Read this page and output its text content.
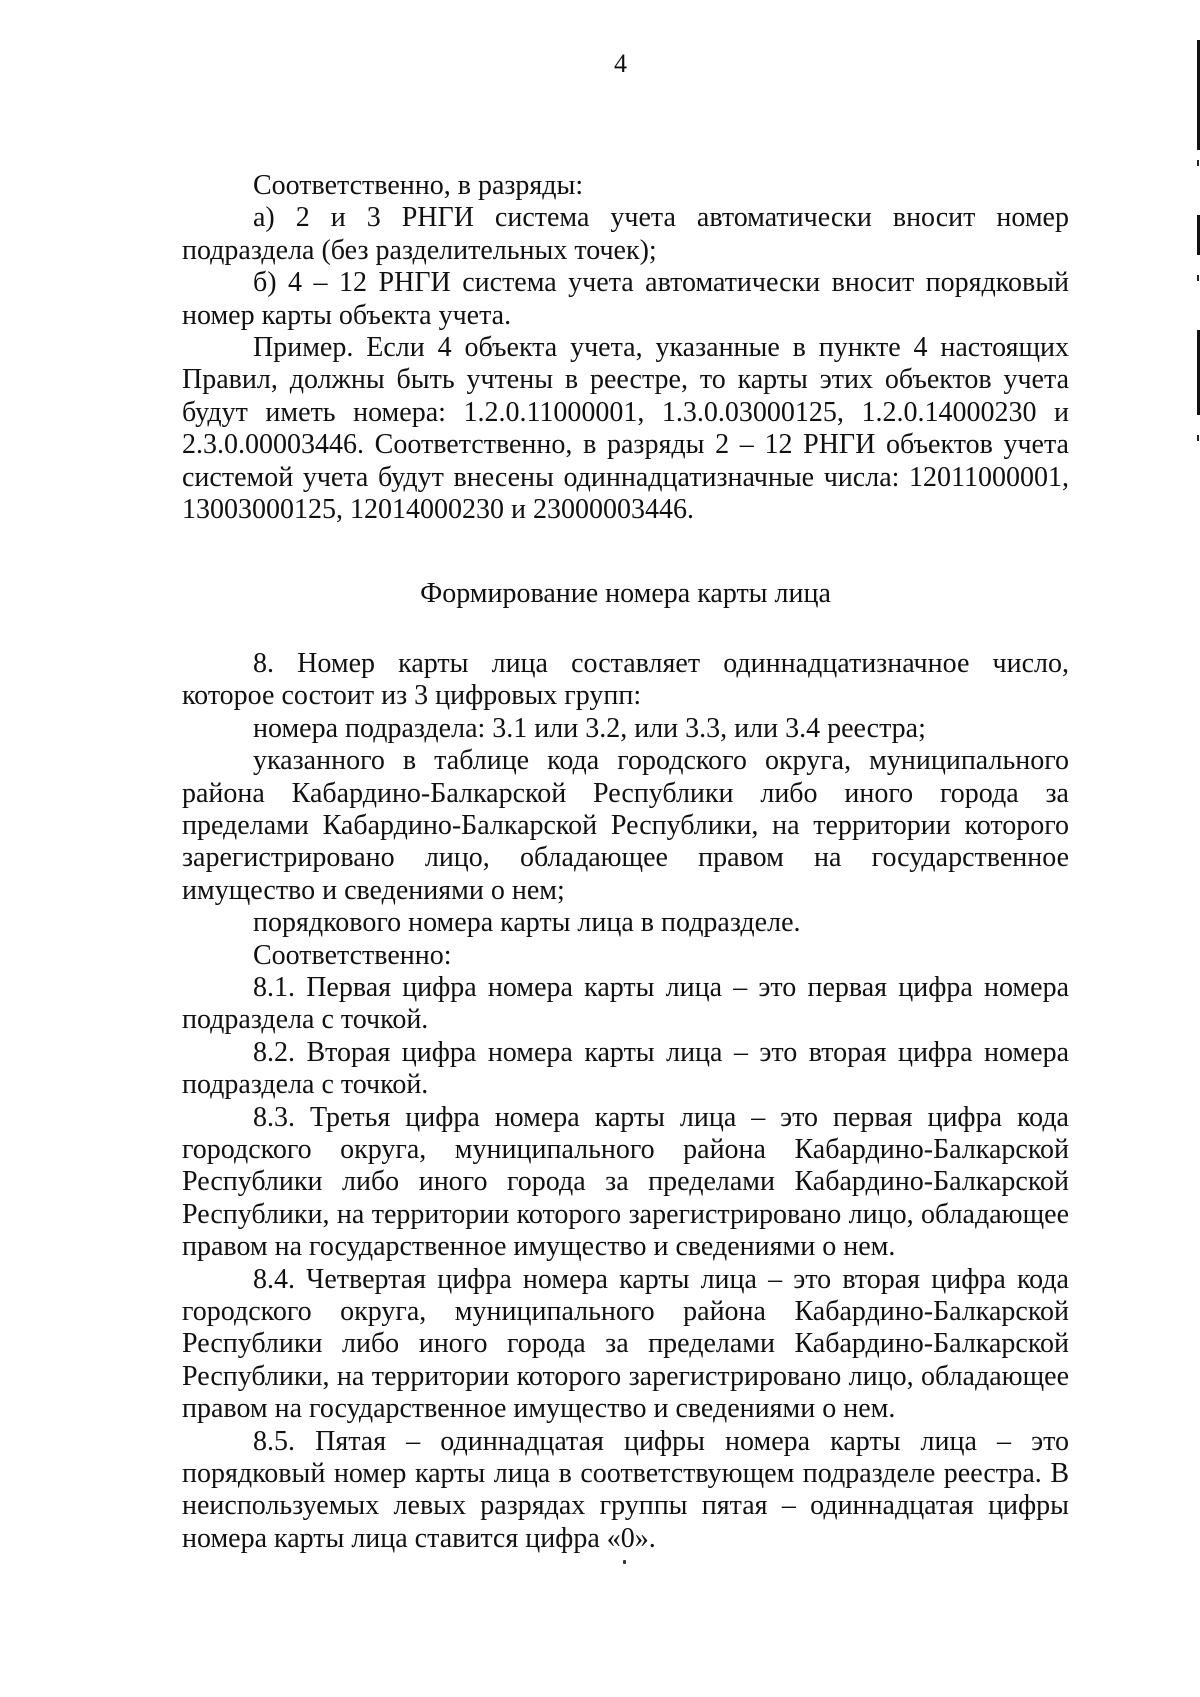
4

Соответственно, в разряды:

а) 2 и 3 РНГИ система учета автоматически вносит номер подраздела (без разделительных точек);

б) 4 – 12 РНГИ система учета автоматически вносит порядковый номер карты объекта учета.

Пример. Если 4 объекта учета, указанные в пункте 4 настоящих Правил, должны быть учтены в реестре, то карты этих объектов учета будут иметь номера: 1.2.0.11000001, 1.3.0.03000125, 1.2.0.14000230 и 2.3.0.00003446. Соответственно, в разряды 2 – 12 РНГИ объектов учета системой учета будут внесены одиннадцатизначные числа: 12011000001, 13003000125, 12014000230 и 23000003446.

Формирование номера карты лица

8. Номер карты лица составляет одиннадцатизначное число, которое состоит из 3 цифровых групп:

номера подраздела: 3.1 или 3.2, или 3.3, или 3.4 реестра;

указанного в таблице кода городского округа, муниципального района Кабардино-Балкарской Республики либо иного города за пределами Кабардино-Балкарской Республики, на территории которого зарегистрировано лицо, обладающее правом на государственное имущество и сведениями о нем;

порядкового номера карты лица в подразделе.

Соответственно:

8.1. Первая цифра номера карты лица – это первая цифра номера подраздела с точкой.

8.2. Вторая цифра номера карты лица – это вторая цифра номера подраздела с точкой.

8.3. Третья цифра номера карты лица – это первая цифра кода городского округа, муниципального района Кабардино-Балкарской Республики либо иного города за пределами Кабардино-Балкарской Республики, на территории которого зарегистрировано лицо, обладающее правом на государственное имущество и сведениями о нем.

8.4. Четвертая цифра номера карты лица – это вторая цифра кода городского округа, муниципального района Кабардино-Балкарской Республики либо иного города за пределами Кабардино-Балкарской Республики, на территории которого зарегистрировано лицо, обладающее правом на государственное имущество и сведениями о нем.

8.5. Пятая – одиннадцатая цифры номера карты лица – это порядковый номер карты лица в соответствующем подразделе реестра. В неиспользуемых левых разрядах группы пятая – одиннадцатая цифры номера карты лица ставится цифра «0».
